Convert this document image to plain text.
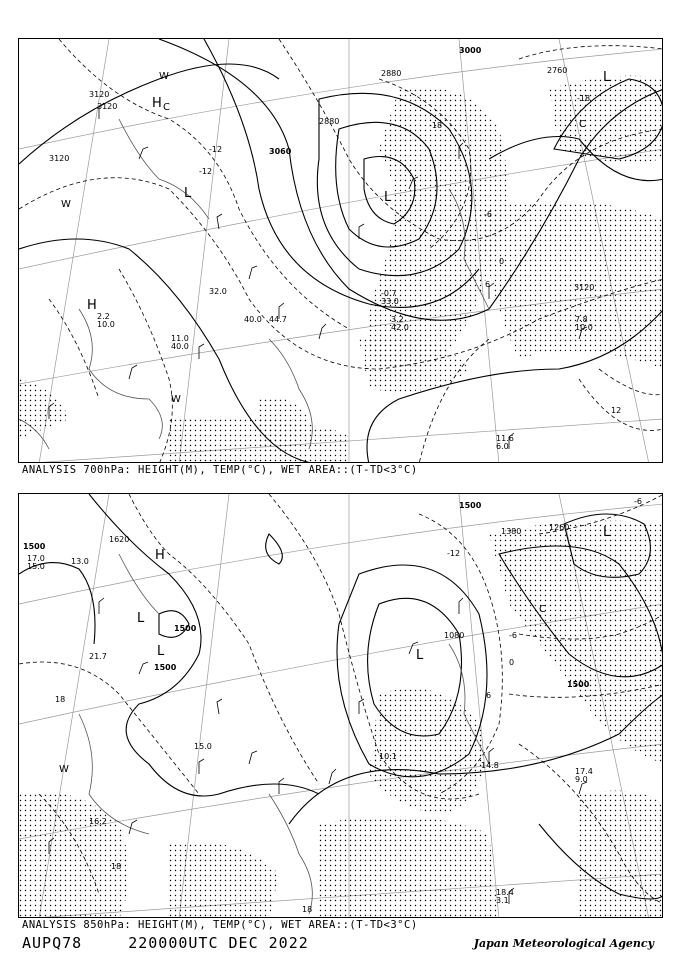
H
H
L	L
L
C
C
W
W
W
3120
3120
3120
3060
2880
2880	2760
3000
3120
-12
-12
-18
-6
0
6
12
-18
2.2
10.0
11.0
40.0
32.0
40.0 44.7	3.2
42.0
7.8
10.0
11.6
6.0
-0.7
33.0
ANALYSIS 700hPa: HEIGHT(M), TEMP(°C), WET AREA::(T-TD<3°C)
H
L
L	L
L
C
W
1500
1500
1500
1500
1500
1380	1260
1080
1620
18
18
-6
0
6
-12
-6
18
17.0
15.0
13.0
21.7
18.4
3.1
17.4
9.0
14.8
16.2
10.1
15.0
ANALYSIS 850hPa: HEIGHT(M), TEMP(°C), WET AREA::(T-TD<3°C)
AUPQ78	220000UTC DEC 2022	Japan Meteorological Agency
